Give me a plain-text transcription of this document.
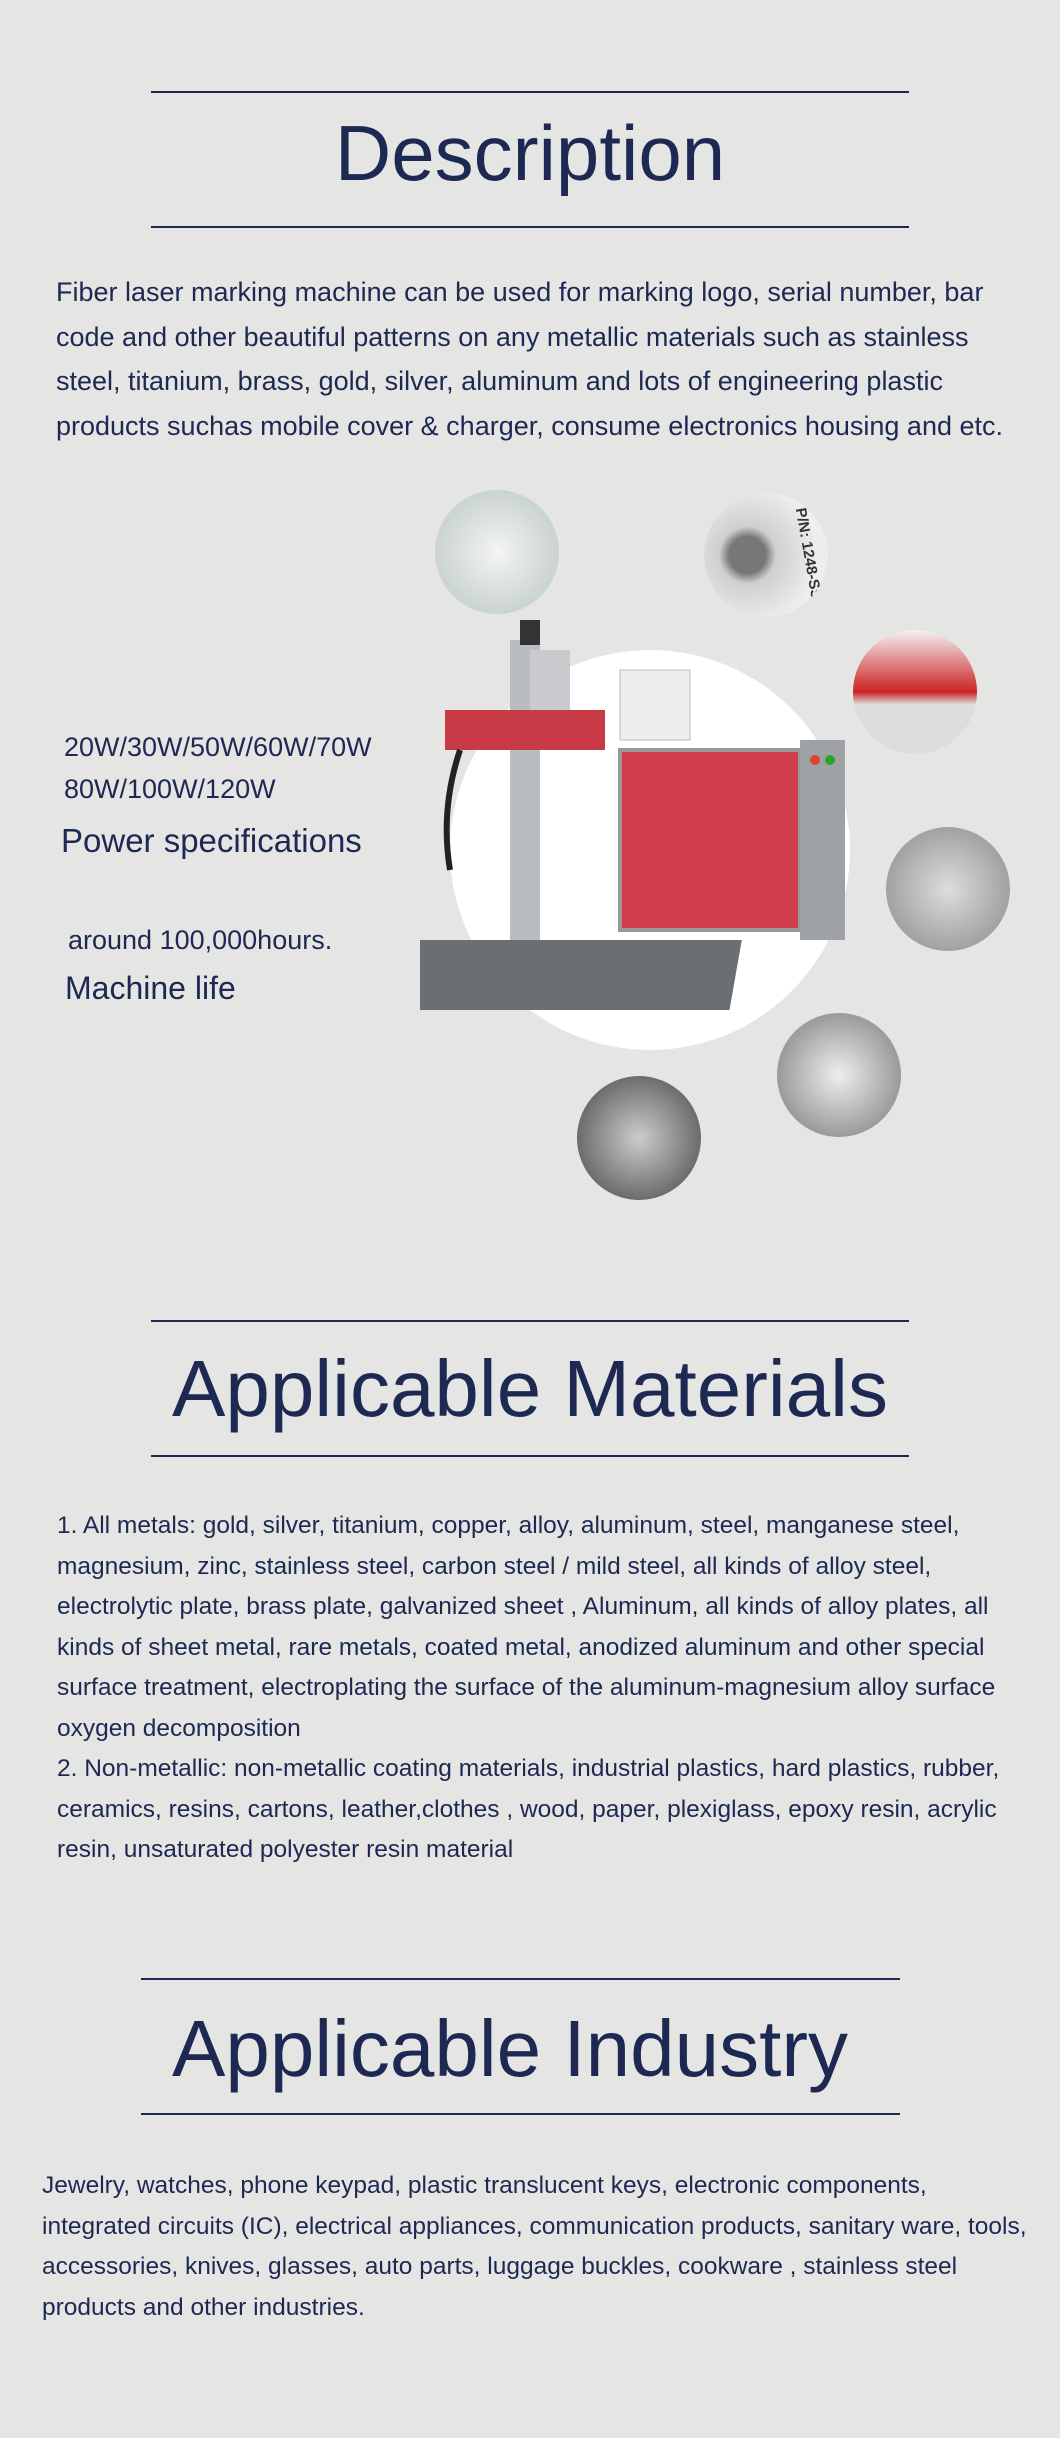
Description
Fiber laser marking machine can be used for marking logo, serial number, bar code and other beautiful patterns on any metallic materials such as stainless steel, titanium, brass, gold, silver, aluminum and lots of engineering plastic products suchas mobile cover & charger, consume electronics housing and etc.
P/N: 1248-SS
20W/30W/50W/60W/70W
80W/100W/120W
Power specifications
around 100,000hours.
Machine life
Applicable Materials
1. All metals: gold, silver, titanium, copper, alloy, aluminum, steel, manganese steel, magnesium, zinc, stainless steel, carbon steel / mild steel, all kinds of alloy steel, electrolytic plate, brass plate, galvanized sheet , Aluminum, all kinds of alloy plates, all kinds of sheet metal, rare metals, coated metal, anodized aluminum and other special surface treatment, electroplating the surface of the aluminum-magnesium alloy surface oxygen decomposition
2. Non-metallic: non-metallic coating materials, industrial plastics, hard plastics, rubber, ceramics, resins, cartons, leather,clothes , wood, paper, plexiglass, epoxy resin, acrylic resin, unsaturated polyester resin material
Applicable Industry
Jewelry, watches, phone keypad, plastic translucent keys, electronic components, integrated circuits (IC), electrical appliances, communication products, sanitary ware, tools, accessories, knives, glasses, auto parts, luggage buckles, cookware , stainless steel products and other industries.
